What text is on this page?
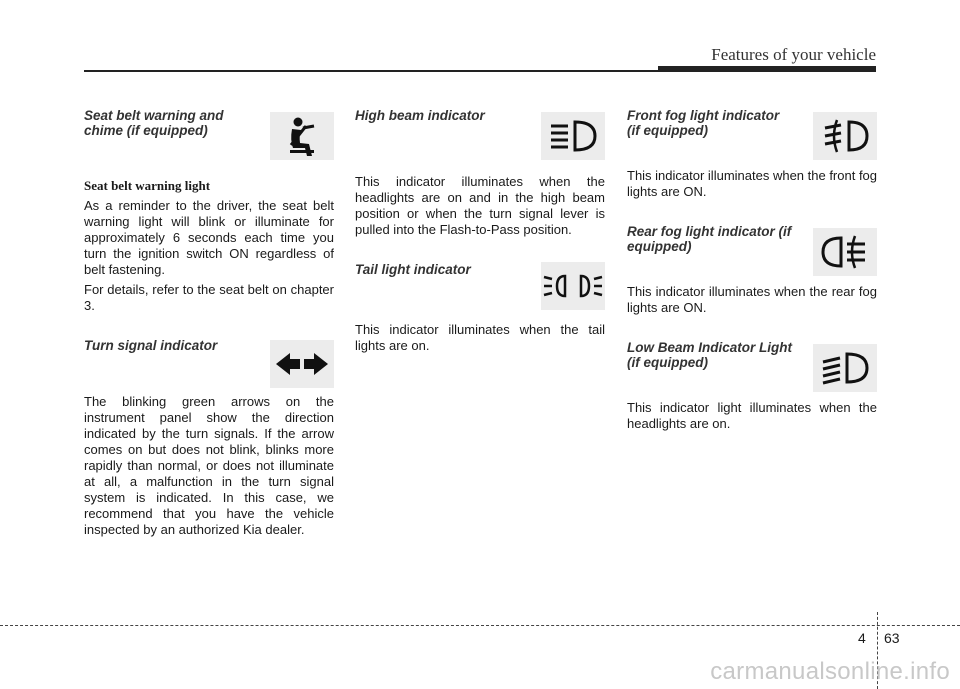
Features of your vehicle

Seat belt warning and chime (if equipped)

Seat belt warning light

As a reminder to the driver, the seat belt warning light will blink or illuminate for approximately 6 seconds each time you turn the ignition switch ON regardless of belt fastening.

For details, refer to the seat belt on chapter 3.

Turn signal indicator

The blinking green arrows on the instrument panel show the direction indicated by the turn signals. If the arrow comes on but does not blink, blinks more rapidly than normal, or does not illuminate at all, a malfunction in the turn signal system is indicated. In this case, we recommend that you have the vehicle inspected by an authorized Kia dealer.

High beam indicator

This indicator illuminates when the headlights are on and in the high beam position or when the turn signal lever is pulled into the Flash-to-Pass position.

Tail light indicator

This indicator illuminates when the tail lights are on.

Front fog light indicator (if equipped)

This indicator illuminates when the front fog lights are ON.

Rear fog light indicator (if equipped)

This indicator illuminates when the rear fog lights are ON.

Low Beam Indicator Light (if equipped)

This indicator light illuminates when the headlights are on.

4 63
carmanualsonline.info
